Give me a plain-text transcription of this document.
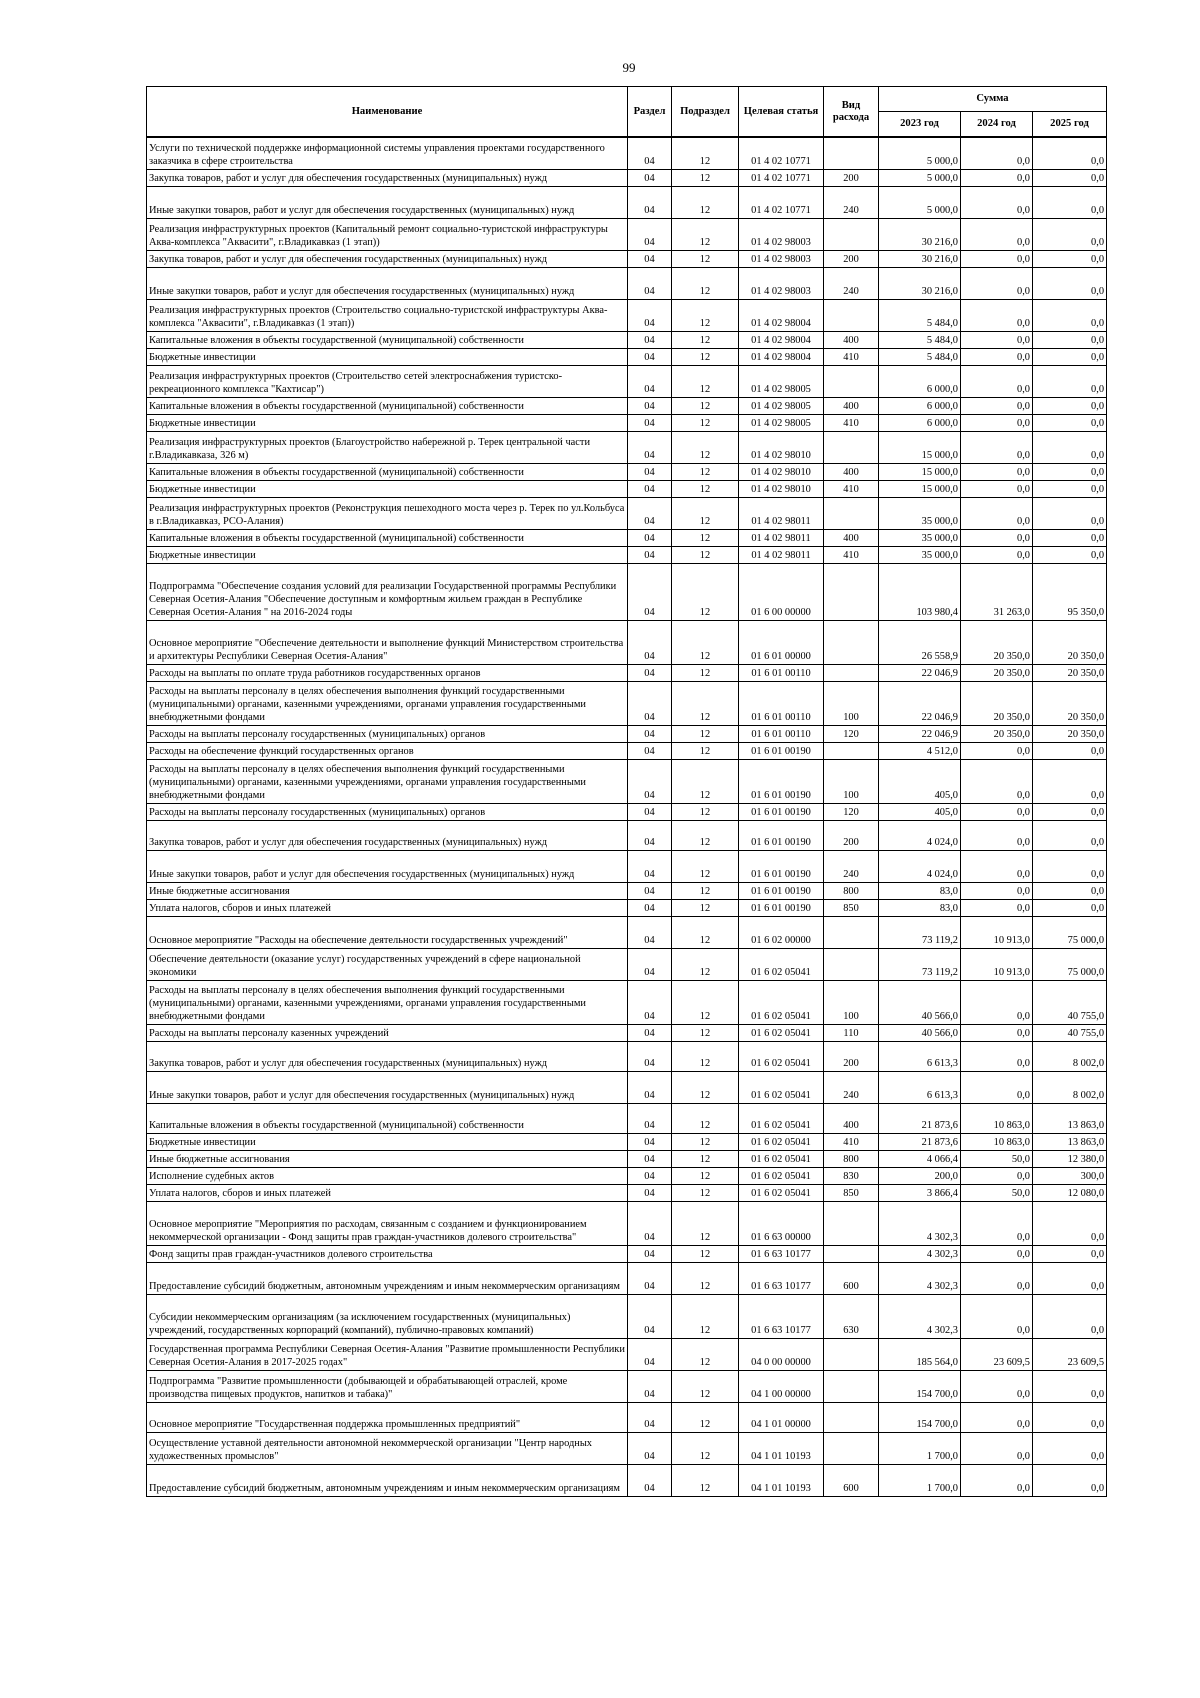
99
Наименование	Раздел	Подраздел	Целевая статья	Вид расхода	Сумма		
					2023 год	2024 год	2025 год
Услуги по технической поддержке информационной системы управления проектами государственного заказчика в сфере строительства	04	12	01 4 02 10771		5 000,0	0,0	0,0
Закупка товаров, работ и услуг для обеспечения государственных (муниципальных) нужд	04	12	01 4 02 10771	200	5 000,0	0,0	0,0
Иные закупки товаров, работ и услуг для обеспечения государственных (муниципальных) нужд	04	12	01 4 02 10771	240	5 000,0	0,0	0,0
Реализация инфраструктурных проектов (Капитальный ремонт социально-туристской инфраструктуры Аква-комплекса "Аквасити", г.Владикавказ (1 этап))	04	12	01 4 02 98003		30 216,0	0,0	0,0
Закупка товаров, работ и услуг для обеспечения государственных (муниципальных) нужд	04	12	01 4 02 98003	200	30 216,0	0,0	0,0
Иные закупки товаров, работ и услуг для обеспечения государственных (муниципальных) нужд	04	12	01 4 02 98003	240	30 216,0	0,0	0,0
Реализация инфраструктурных проектов (Строительство социально-туристской инфраструктуры Аква-комплекса "Аквасити", г.Владикавказ (1 этап))	04	12	01 4 02 98004		5 484,0	0,0	0,0
Капитальные вложения в объекты государственной (муниципальной) собственности	04	12	01 4 02 98004	400	5 484,0	0,0	0,0
Бюджетные инвестиции	04	12	01 4 02 98004	410	5 484,0	0,0	0,0
Реализация инфраструктурных проектов (Строительство сетей электроснабжения туристско-рекреационного комплекса "Кахтисар")	04	12	01 4 02 98005		6 000,0	0,0	0,0
Капитальные вложения в объекты государственной (муниципальной) собственности	04	12	01 4 02 98005	400	6 000,0	0,0	0,0
Бюджетные инвестиции	04	12	01 4 02 98005	410	6 000,0	0,0	0,0
Реализация инфраструктурных проектов (Благоустройство набережной р. Терек центральной части г.Владикавказа, 326 м)	04	12	01 4 02 98010		15 000,0	0,0	0,0
Капитальные вложения в объекты государственной (муниципальной) собственности	04	12	01 4 02 98010	400	15 000,0	0,0	0,0
Бюджетные инвестиции	04	12	01 4 02 98010	410	15 000,0	0,0	0,0
Реализация инфраструктурных проектов (Реконструкция пешеходного моста через р. Терек по ул.Кольбуса в г.Владикавказ, РСО-Алания)	04	12	01 4 02 98011		35 000,0	0,0	0,0
Капитальные вложения в объекты государственной (муниципальной) собственности	04	12	01 4 02 98011	400	35 000,0	0,0	0,0
Бюджетные инвестиции	04	12	01 4 02 98011	410	35 000,0	0,0	0,0
Подпрограмма "Обеспечение создания условий для реализации Государственной программы Республики Северная Осетия-Алания "Обеспечение доступным и комфортным жильем граждан в Республике Северная Осетия-Алания " на 2016-2024 годы	04	12	01 6 00 00000		103 980,4	31 263,0	95 350,0
Основное мероприятие "Обеспечение деятельности и выполнение функций Министерством строительства и архитектуры Республики Северная Осетия-Алания"	04	12	01 6 01 00000		26 558,9	20 350,0	20 350,0
Расходы на выплаты по оплате труда работников государственных органов	04	12	01 6 01 00110		22 046,9	20 350,0	20 350,0
Расходы на выплаты персоналу в целях обеспечения выполнения функций государственными (муниципальными) органами, казенными учреждениями, органами управления государственными внебюджетными фондами	04	12	01 6 01 00110	100	22 046,9	20 350,0	20 350,0
Расходы на выплаты персоналу государственных (муниципальных) органов	04	12	01 6 01 00110	120	22 046,9	20 350,0	20 350,0
Расходы на обеспечение функций государственных органов	04	12	01 6 01 00190		4 512,0	0,0	0,0
Расходы на выплаты персоналу в целях обеспечения выполнения функций государственными (муниципальными) органами, казенными учреждениями, органами управления государственными внебюджетными фондами	04	12	01 6 01 00190	100	405,0	0,0	0,0
Расходы на выплаты персоналу государственных (муниципальных) органов	04	12	01 6 01 00190	120	405,0	0,0	0,0
Закупка товаров, работ и услуг для обеспечения государственных (муниципальных) нужд	04	12	01 6 01 00190	200	4 024,0	0,0	0,0
Иные закупки товаров, работ и услуг для обеспечения государственных (муниципальных) нужд	04	12	01 6 01 00190	240	4 024,0	0,0	0,0
Иные бюджетные ассигнования	04	12	01 6 01 00190	800	83,0	0,0	0,0
Уплата налогов, сборов и иных платежей	04	12	01 6 01 00190	850	83,0	0,0	0,0
Основное мероприятие "Расходы на обеспечение деятельности государственных учреждений"	04	12	01 6 02 00000		73 119,2	10 913,0	75 000,0
Обеспечение деятельности (оказание услуг) государственных учреждений в сфере национальной экономики	04	12	01 6 02 05041		73 119,2	10 913,0	75 000,0
Расходы на выплаты персоналу в целях обеспечения выполнения функций государственными (муниципальными) органами, казенными учреждениями, органами управления государственными внебюджетными фондами	04	12	01 6 02 05041	100	40 566,0	0,0	40 755,0
Расходы на выплаты персоналу казенных учреждений	04	12	01 6 02 05041	110	40 566,0	0,0	40 755,0
Закупка товаров, работ и услуг для обеспечения государственных (муниципальных) нужд	04	12	01 6 02 05041	200	6 613,3	0,0	8 002,0
Иные закупки товаров, работ и услуг для обеспечения государственных (муниципальных) нужд	04	12	01 6 02 05041	240	6 613,3	0,0	8 002,0
Капитальные вложения в объекты государственной (муниципальной) собственности	04	12	01 6 02 05041	400	21 873,6	10 863,0	13 863,0
Бюджетные инвестиции	04	12	01 6 02 05041	410	21 873,6	10 863,0	13 863,0
Иные бюджетные ассигнования	04	12	01 6 02 05041	800	4 066,4	50,0	12 380,0
Исполнение судебных актов	04	12	01 6 02 05041	830	200,0	0,0	300,0
Уплата налогов, сборов и иных платежей	04	12	01 6 02 05041	850	3 866,4	50,0	12 080,0
Основное мероприятие "Мероприятия по расходам, связанным с созданием и функционированием некоммерческой организации - Фонд защиты прав граждан-участников долевого строительства"	04	12	01 6 63 00000		4 302,3	0,0	0,0
Фонд защиты прав граждан-участников долевого строительства	04	12	01 6 63 10177		4 302,3	0,0	0,0
Предоставление субсидий бюджетным, автономным учреждениям и иным некоммерческим организациям	04	12	01 6 63 10177	600	4 302,3	0,0	0,0
Субсидии некоммерческим организациям (за исключением государственных (муниципальных) учреждений, государственных корпораций (компаний), публично-правовых компаний)	04	12	01 6 63 10177	630	4 302,3	0,0	0,0
Государственная программа Республики Северная Осетия-Алания "Развитие промышленности Республики Северная Осетия-Алания в 2017-2025 годах"	04	12	04 0 00 00000		185 564,0	23 609,5	23 609,5
Подпрограмма "Развитие промышленности (добывающей и обрабатывающей отраслей, кроме производства пищевых продуктов, напитков и табака)"	04	12	04 1 00 00000		154 700,0	0,0	0,0
Основное мероприятие "Государственная поддержка промышленных предприятий"	04	12	04 1 01 00000		154 700,0	0,0	0,0
Осуществление уставной деятельности автономной некоммерческой организации "Центр народных художественных промыслов"	04	12	04 1 01 10193		1 700,0	0,0	0,0
Предоставление субсидий бюджетным, автономным учреждениям и иным некоммерческим организациям	04	12	04 1 01 10193	600	1 700,0	0,0	0,0
